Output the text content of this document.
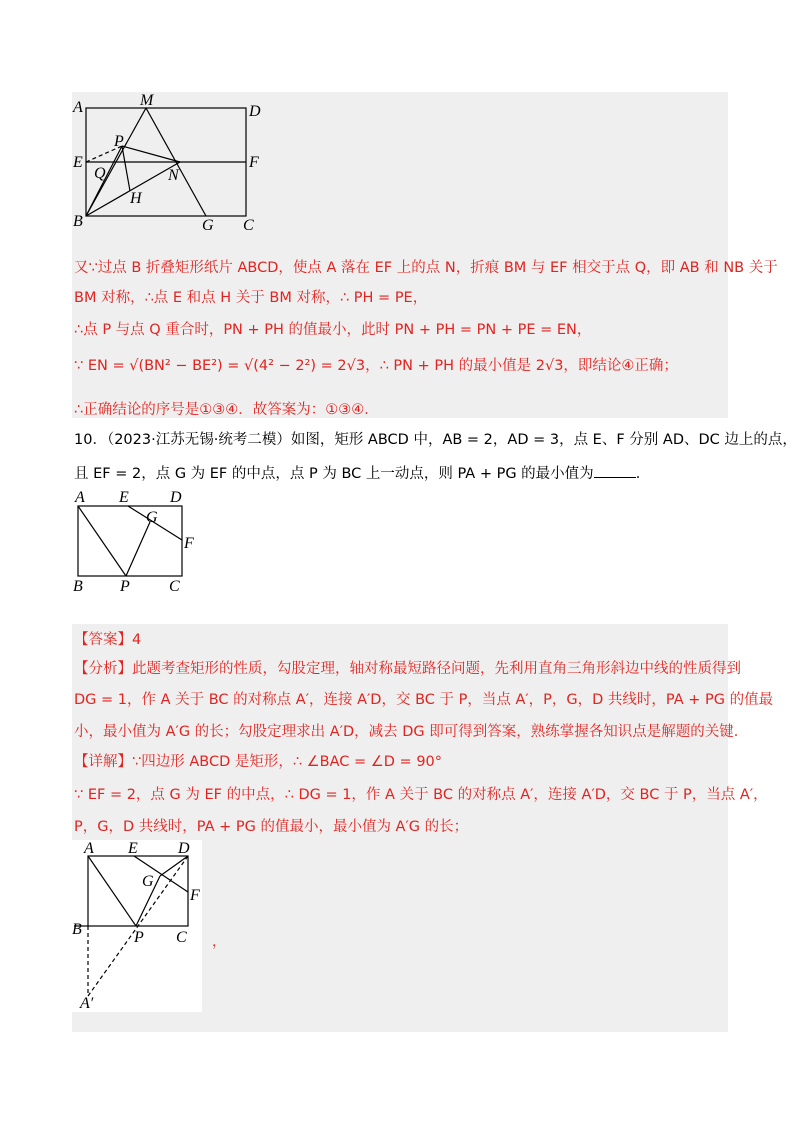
A	M
D
E
P
F
Q	N
H
B	G C
又∵过点 B 折叠矩形纸片 ABCD，使点 A 落在 EF 上的点 N，折痕 BM 与 EF 相交于点 Q，即 AB 和 NB 关于
BM 对称，∴点 E 和点 H 关于 BM 对称，∴ PH = PE，
∴点 P 与点 Q 重合时，PN + PH 的值最小，此时 PN + PH = PN + PE = EN，
∵ EN = √(BN² − BE²) = √(4² − 2²) = 2√3，∴ PN + PH 的最小值是 2√3，即结论④正确；
∴正确结论的序号是①③④．故答案为：①③④．
10．（2023·江苏无锡·统考二模）如图，矩形 ABCD 中，AB = 2，AD = 3，点 E、F 分别 AD、DC 边上的点，
且 EF = 2，点 G 为 EF 的中点，点 P 为 BC 上一动点，则 PA + PG 的最小值为	．
A E	D
G
F
B P C
【答案】4
【分析】此题考查矩形的性质，勾股定理，轴对称最短路径问题，先利用直角三角形斜边中线的性质得到
DG = 1，作 A 关于 BC 的对称点 A′，连接 A′D，交 BC 于 P，当点 A′，P，G，D 共线时，PA + PG 的值最
小，最小值为 A′G 的长；勾股定理求出 A′D，减去 DG 即可得到答案，熟练掌握各知识点是解题的关键．
【详解】∵四边形 ABCD 是矩形，∴ ∠BAC = ∠D = 90°
∵ EF = 2，点 G 为 EF 的中点，∴ DG = 1，作 A 关于 BC 的对称点 A′，连接 A′D，交 BC 于 P，当点 A′，
P，G，D 共线时，PA + PG 的值最小，最小值为 A′G 的长；
A E	D
G
F
B	P C
A′
，
